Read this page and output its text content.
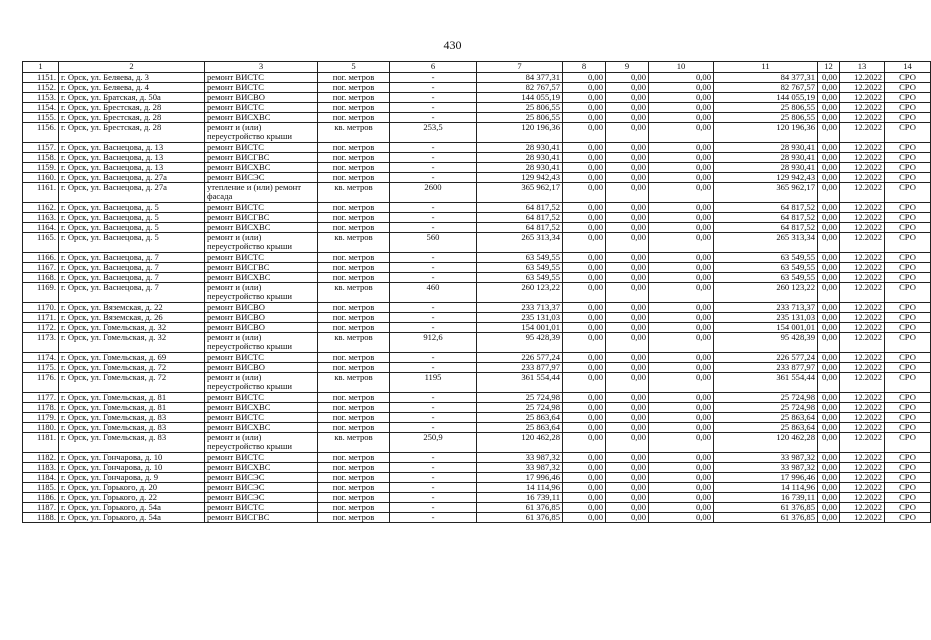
430
1	2	3	5	6	7	8	9	10	11	12	13	14
1151.	г. Орск, ул. Беляева, д. 3	ремонт ВИСТС	пог. метров	-	84 377,31	0,00	0,00	0,00	84 377,31	0,00	12.2022	СРО
1152.	г. Орск, ул. Беляева, д. 4	ремонт ВИСТС	пог. метров	-	82 767,57	0,00	0,00	0,00	82 767,57	0,00	12.2022	СРО
1153.	г. Орск, ул. Братская, д. 50а	ремонт ВИСВО	пог. метров	-	144 055,19	0,00	0,00	0,00	144 055,19	0,00	12.2022	СРО
1154.	г. Орск, ул. Брестская, д. 28	ремонт ВИСТС	пог. метров	-	25 806,55	0,00	0,00	0,00	25 806,55	0,00	12.2022	СРО
1155.	г. Орск, ул. Брестская, д. 28	ремонт ВИСХВС	пог. метров	-	25 806,55	0,00	0,00	0,00	25 806,55	0,00	12.2022	СРО
1156.	г. Орск, ул. Брестская, д. 28	ремонт и (или) переустройство крыши	кв. метров	253,5	120 196,36	0,00	0,00	0,00	120 196,36	0,00	12.2022	СРО
1157.	г. Орск, ул. Васнецова, д. 13	ремонт ВИСТС	пог. метров	-	28 930,41	0,00	0,00	0,00	28 930,41	0,00	12.2022	СРО
1158.	г. Орск, ул. Васнецова, д. 13	ремонт ВИСГВС	пог. метров	-	28 930,41	0,00	0,00	0,00	28 930,41	0,00	12.2022	СРО
1159.	г. Орск, ул. Васнецова, д. 13	ремонт ВИСХВС	пог. метров	-	28 930,41	0,00	0,00	0,00	28 930,41	0,00	12.2022	СРО
1160.	г. Орск, ул. Васнецова, д. 27а	ремонт ВИСЭС	пог. метров	-	129 942,43	0,00	0,00	0,00	129 942,43	0,00	12.2022	СРО
1161.	г. Орск, ул. Васнецова, д. 27а	утепление и (или) ремонт фасада	кв. метров	2600	365 962,17	0,00	0,00	0,00	365 962,17	0,00	12.2022	СРО
1162.	г. Орск, ул. Васнецова, д. 5	ремонт ВИСТС	пог. метров	-	64 817,52	0,00	0,00	0,00	64 817,52	0,00	12.2022	СРО
1163.	г. Орск, ул. Васнецова, д. 5	ремонт ВИСГВС	пог. метров	-	64 817,52	0,00	0,00	0,00	64 817,52	0,00	12.2022	СРО
1164.	г. Орск, ул. Васнецова, д. 5	ремонт ВИСХВС	пог. метров	-	64 817,52	0,00	0,00	0,00	64 817,52	0,00	12.2022	СРО
1165.	г. Орск, ул. Васнецова, д. 5	ремонт и (или) переустройство крыши	кв. метров	560	265 313,34	0,00	0,00	0,00	265 313,34	0,00	12.2022	СРО
1166.	г. Орск, ул. Васнецова, д. 7	ремонт ВИСТС	пог. метров	-	63 549,55	0,00	0,00	0,00	63 549,55	0,00	12.2022	СРО
1167.	г. Орск, ул. Васнецова, д. 7	ремонт ВИСГВС	пог. метров	-	63 549,55	0,00	0,00	0,00	63 549,55	0,00	12.2022	СРО
1168.	г. Орск, ул. Васнецова, д. 7	ремонт ВИСХВС	пог. метров	-	63 549,55	0,00	0,00	0,00	63 549,55	0,00	12.2022	СРО
1169.	г. Орск, ул. Васнецова, д. 7	ремонт и (или) переустройство крыши	кв. метров	460	260 123,22	0,00	0,00	0,00	260 123,22	0,00	12.2022	СРО
1170.	г. Орск, ул. Вяземская, д. 22	ремонт ВИСВО	пог. метров	-	233 713,37	0,00	0,00	0,00	233 713,37	0,00	12.2022	СРО
1171.	г. Орск, ул. Вяземская, д. 26	ремонт ВИСВО	пог. метров	-	235 131,03	0,00	0,00	0,00	235 131,03	0,00	12.2022	СРО
1172.	г. Орск, ул. Гомельская, д. 32	ремонт ВИСВО	пог. метров	-	154 001,01	0,00	0,00	0,00	154 001,01	0,00	12.2022	СРО
1173.	г. Орск, ул. Гомельская, д. 32	ремонт и (или) переустройство крыши	кв. метров	912,6	95 428,39	0,00	0,00	0,00	95 428,39	0,00	12.2022	СРО
1174.	г. Орск, ул. Гомельская, д. 69	ремонт ВИСТС	пог. метров	-	226 577,24	0,00	0,00	0,00	226 577,24	0,00	12.2022	СРО
1175.	г. Орск, ул. Гомельская, д. 72	ремонт ВИСВО	пог. метров	-	233 877,97	0,00	0,00	0,00	233 877,97	0,00	12.2022	СРО
1176.	г. Орск, ул. Гомельская, д. 72	ремонт и (или) переустройство крыши	кв. метров	1195	361 554,44	0,00	0,00	0,00	361 554,44	0,00	12.2022	СРО
1177.	г. Орск, ул. Гомельская, д. 81	ремонт ВИСТС	пог. метров	-	25 724,98	0,00	0,00	0,00	25 724,98	0,00	12.2022	СРО
1178.	г. Орск, ул. Гомельская, д. 81	ремонт ВИСХВС	пог. метров	-	25 724,98	0,00	0,00	0,00	25 724,98	0,00	12.2022	СРО
1179.	г. Орск, ул. Гомельская, д. 83	ремонт ВИСТС	пог. метров	-	25 863,64	0,00	0,00	0,00	25 863,64	0,00	12.2022	СРО
1180.	г. Орск, ул. Гомельская, д. 83	ремонт ВИСХВС	пог. метров	-	25 863,64	0,00	0,00	0,00	25 863,64	0,00	12.2022	СРО
1181.	г. Орск, ул. Гомельская, д. 83	ремонт и (или) переустройство крыши	кв. метров	250,9	120 462,28	0,00	0,00	0,00	120 462,28	0,00	12.2022	СРО
1182.	г. Орск, ул. Гончарова, д. 10	ремонт ВИСТС	пог. метров	-	33 987,32	0,00	0,00	0,00	33 987,32	0,00	12.2022	СРО
1183.	г. Орск, ул. Гончарова, д. 10	ремонт ВИСХВС	пог. метров	-	33 987,32	0,00	0,00	0,00	33 987,32	0,00	12.2022	СРО
1184.	г. Орск, ул. Гончарова, д. 9	ремонт ВИСЭС	пог. метров	-	17 996,46	0,00	0,00	0,00	17 996,46	0,00	12.2022	СРО
1185.	г. Орск, ул. Горького, д. 20	ремонт ВИСЭС	пог. метров	-	14 114,96	0,00	0,00	0,00	14 114,96	0,00	12.2022	СРО
1186.	г. Орск, ул. Горького, д. 22	ремонт ВИСЭС	пог. метров	-	16 739,11	0,00	0,00	0,00	16 739,11	0,00	12.2022	СРО
1187.	г. Орск, ул. Горького, д. 54а	ремонт ВИСТС	пог. метров	-	61 376,85	0,00	0,00	0,00	61 376,85	0,00	12.2022	СРО
1188.	г. Орск, ул. Горького, д. 54а	ремонт ВИСГВС	пог. метров	-	61 376,85	0,00	0,00	0,00	61 376,85	0,00	12.2022	СРО
